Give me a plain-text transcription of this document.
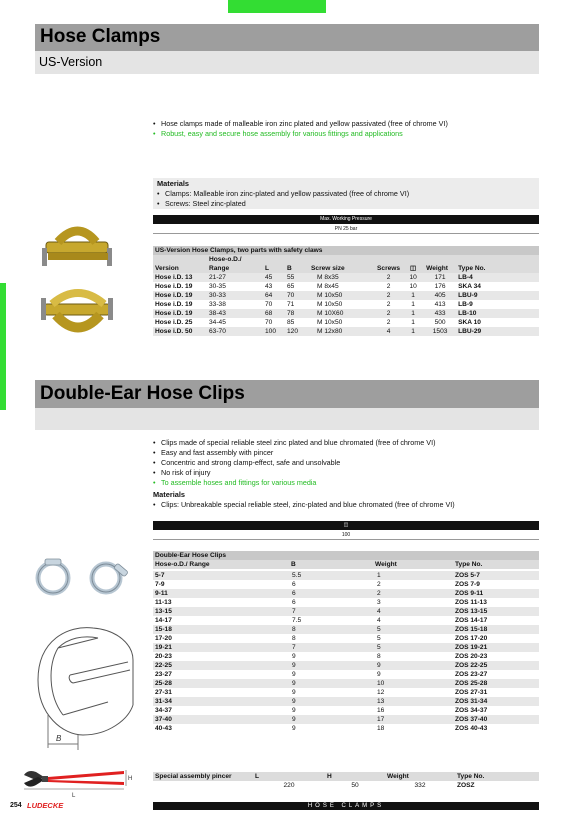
Hose Clamps
US-Version
• Hose clamps made of malleable iron zinc plated and yellow passivated (free of chrome VI)
• Robust, easy and secure hose assembly for various fittings and applications
Materials
• Clamps: Malleable iron zinc-plated and yellow passivated (free of chrome VI)
• Screws: Steel zinc-plated
Max. Working Pressure
PN 25 bar
US-Version Hose Clamps, two parts with safety claws								
	Hose-o.D./							
Version	Range	L	B	Screw size	Screws	◫	Weight	Type No.
Hose i.D. 13	21-27	45	55	M 8x35	2	10	171	LB-4
Hose i.D. 19	30-35	43	65	M 8x45	2	10	176	SKA 34
Hose i.D. 19	30-33	64	70	M 10x50	2	1	405	LBU-9
Hose i.D. 19	33-38	70	71	M 10x50	2	1	413	LB-9
Hose i.D. 19	38-43	68	78	M 10X60	2	1	433	LB-10
Hose i.D. 25	34-45	70	85	M 10x50	2	1	500	SKA 10
Hose i.D. 50	63-70	100	120	M 12x80	4	1	1503	LBU-29
Double-Ear Hose Clips
• Clips made of special reliable steel zinc plated and blue chromated (free of chrome VI)
• Easy and fast assembly with pincer
• Concentric and strong clamp-effect, safe and unsolvable
• No risk of injury
• To assemble hoses and fittings for various media
Materials
• Clips: Unbreakable special reliable steel, zinc-plated and blue chromated (free of chrome VI)
◫
100
B
H
L
Double-Ear Hose Clips
Hose-o.D./ Range	B	Weight	Type No.
5-7	5.5	1	ZOS 5-7
7-9	6	2	ZOS 7-9
9-11	6	2	ZOS 9-11
11-13	6	3	ZOS 11-13
13-15	7	4	ZOS 13-15
14-17	7.5	4	ZOS 14-17
15-18	8	5	ZOS 15-18
17-20	8	5	ZOS 17-20
19-21	7	5	ZOS 19-21
20-23	9	8	ZOS 20-23
22-25	9	9	ZOS 22-25
23-27	9	9	ZOS 23-27
25-28	9	10	ZOS 25-28
27-31	9	12	ZOS 27-31
31-34	9	13	ZOS 31-34
34-37	9	16	ZOS 34-37
37-40	9	17	ZOS 37-40
40-43	9	18	ZOS 40-43
Special assembly pincer	L	H	Weight	Type No.
	220	50	332	ZOSZ
254 LUDECKE	HOSE CLAMPS
